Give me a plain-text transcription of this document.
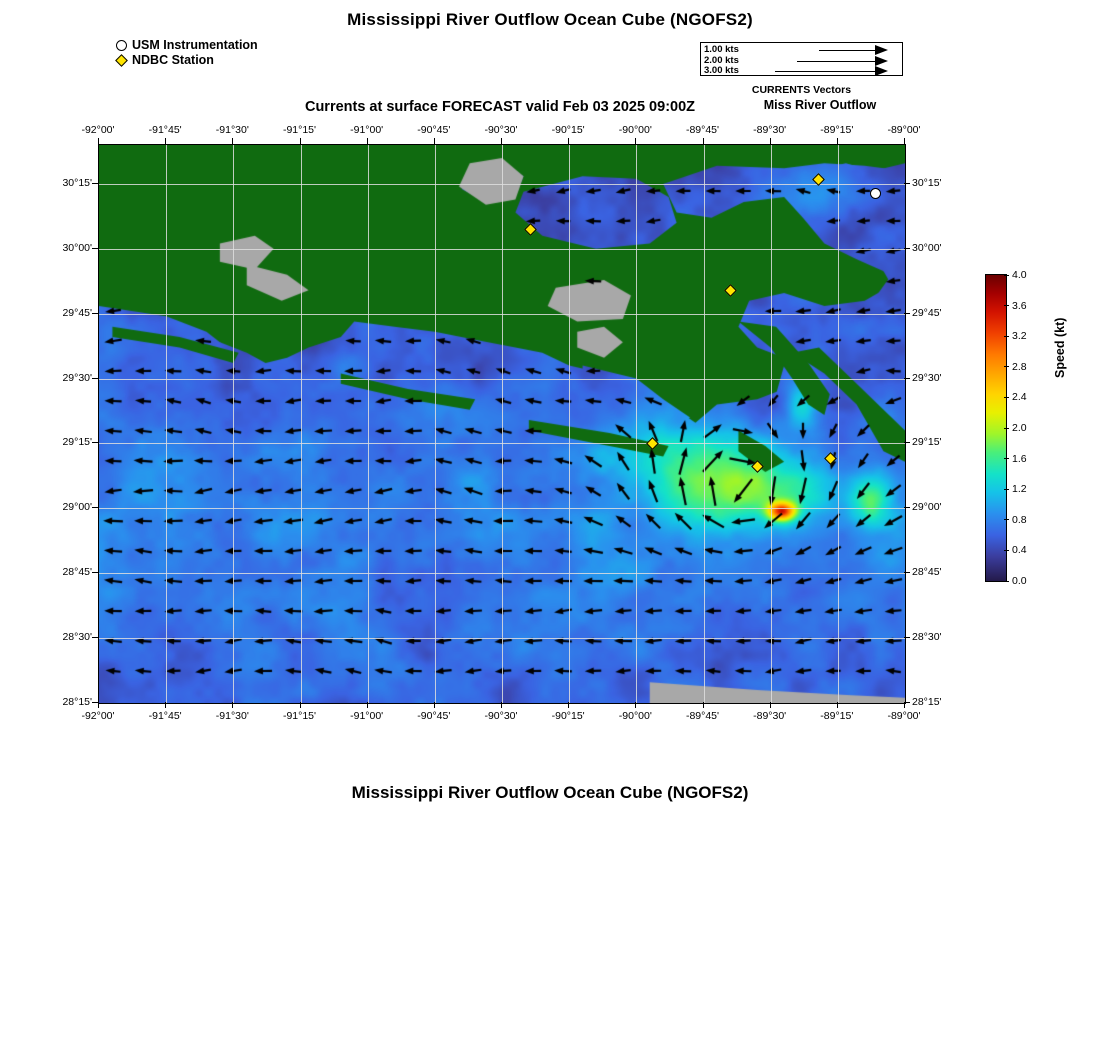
Mississippi River Outflow Ocean Cube (NGOFS2)
USM Instrumentation
NDBC Station
1.00 kts
2.00 kts
3.00 kts
CURRENTS Vectors
Miss River Outflow
Currents at surface FORECAST valid Feb 03 2025 09:00Z
-92°00'
-92°00'
-91°45'
-91°45'
-91°30'
-91°30'
-91°15'
-91°15'
-91°00'
-91°00'
-90°45'
-90°45'
-90°30'
-90°30'
-90°15'
-90°15'
-90°00'
-90°00'
-89°45'
-89°45'
-89°30'
-89°30'
-89°15'
-89°15'
-89°00'
-89°00'
30°15'	30°15'
30°00'	30°00'
29°45'	29°45'
29°30'	29°30'
29°15'	29°15'
29°00'	29°00'
28°45'	28°45'
28°30'	28°30'
28°15'	28°15'
4.0
3.6
3.2
2.8
2.4
2.0
1.6
1.2
0.8
0.4
0.0
Speed (kt)
Mississippi River Outflow Ocean Cube (NGOFS2)
